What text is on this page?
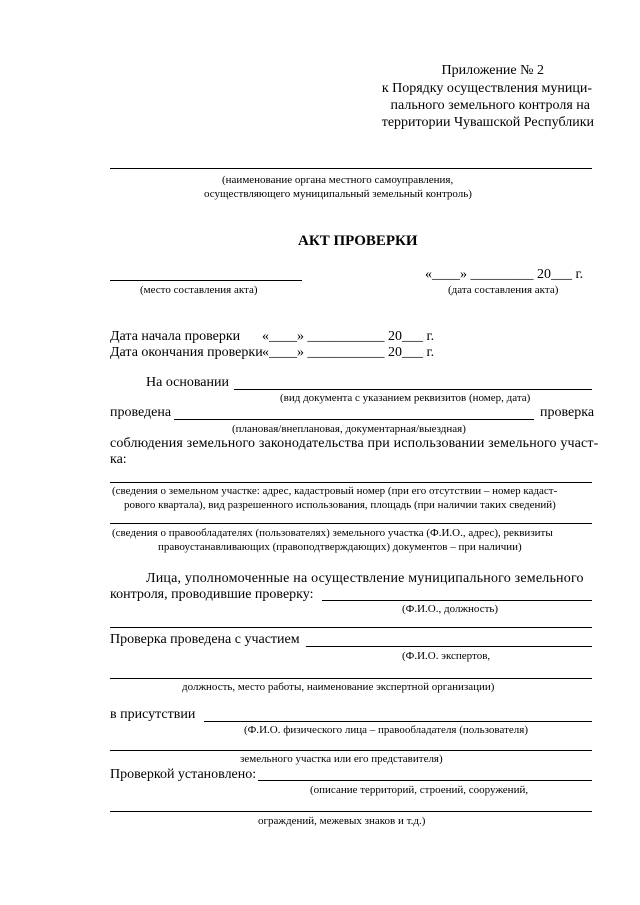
Приложение № 2
к Порядку осуществления муници-
пального земельного контроля на
территории Чувашской Республики
(наименование органа местного самоуправления,
осуществляющего муниципальный земельный контроль)
АКТ ПРОВЕРКИ
(место составления акта)
«____» _________ 20___ г.
(дата составления акта)
Дата начала проверки «____» ___________ 20___ г.
Дата окончания проверки «____» ___________ 20___ г.
На основании
(вид документа с указанием реквизитов (номер, дата)
проведена	проверка
(плановая/внеплановая, документарная/выездная)
соблюдения земельного законодательства при использовании земельного участ-
ка:
(сведения о земельном участке: адрес, кадастровый номер (при его отсутствии – номер кадаст-
рового квартала), вид разрешенного использования, площадь (при наличии таких сведений)
(сведения о правообладателях (пользователях) земельного участка (Ф.И.О., адрес), реквизиты
правоустанавливающих (правоподтверждающих) документов – при наличии)
Лица, уполномоченные на осуществление муниципального земельного
контроля, проводившие проверку:
(Ф.И.О., должность)
Проверка проведена с участием
(Ф.И.О. экспертов,
должность, место работы, наименование экспертной организации)
в присутствии
(Ф.И.О. физического лица – правообладателя (пользователя)
земельного участка или его представителя)
Проверкой установлено:
(описание территорий, строений, сооружений,
ограждений, межевых знаков и т.д.)
